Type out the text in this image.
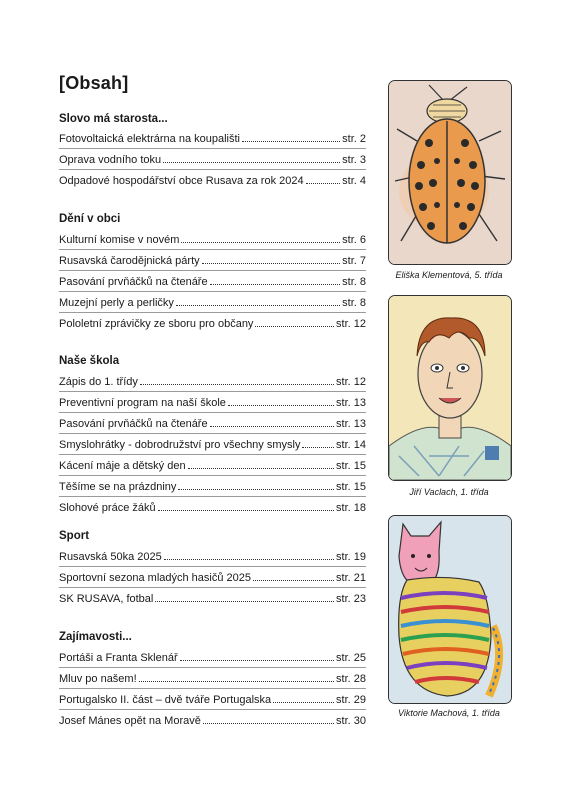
[Obsah]
Slovo má starosta...
Fotovoltaická elektrárna na koupališti	str. 2
Oprava vodního toku	str. 3
Odpadové hospodářství obce Rusava za rok 2024	str. 4
Dění v obci
Kulturní komise v novém	str. 6
Rusavská čarodějnická párty	str. 7
Pasování prvňáčků na čtenáře	str. 8
Muzejní perly a perličky	str. 8
Pololetní zprávičky ze sboru pro občany	str. 12
Naše škola
Zápis do 1. třídy	str. 12
Preventivní program na naší škole	str. 13
Pasování prvňáčků na čtenáře	str. 13
Smyslohrátky - dobrodružství pro všechny smysly	str. 14
Kácení máje a dětský den	str. 15
Těšíme se na prázdniny	str. 15
Slohové práce žáků	str. 18
Sport
Rusavská 50ka 2025	str. 19
Sportovní sezona mladých hasičů 2025	str. 21
SK RUSAVA, fotbal	str. 23
Zajímavosti...
Portáši a Franta Sklenář	str. 25
Mluv po našem!	str. 28
Portugalsko II. část – dvě tváře Portugalska	str. 29
Josef Mánes opět na Moravě	str. 30
Eliška Klementová, 5. třída
Jiří Vaclach, 1. třída
Viktorie Machová, 1. třída
